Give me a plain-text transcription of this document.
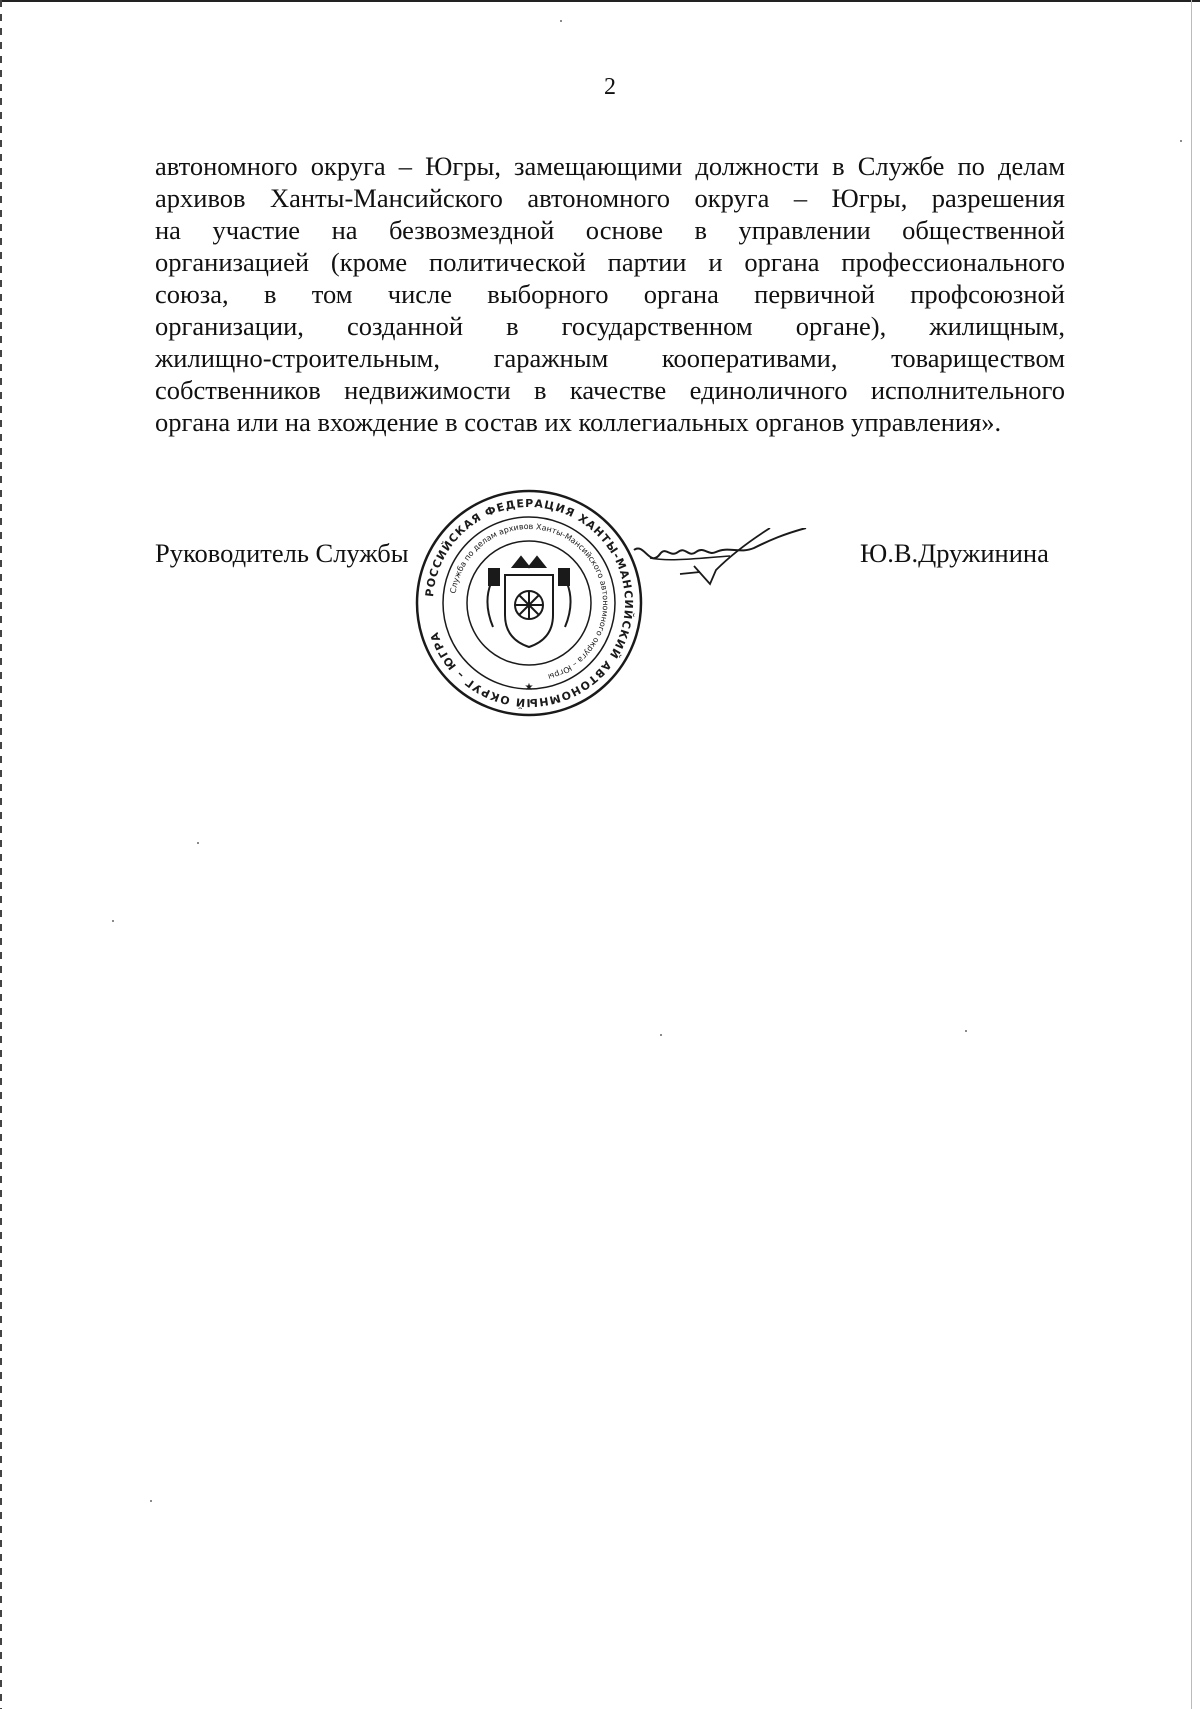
2
автономного округа – Югры, замещающими должности в Службе по делам
архивов Ханты-Мансийского автономного округа – Югры, разрешения
на участие на безвозмездной основе в управлении общественной
организацией (кроме политической партии и органа профессионального
союза, в том числе выборного органа первичной профсоюзной
организации, созданной в государственном органе), жилищным,
жилищно-строительным, гаражным кооперативами, товариществом
собственников недвижимости в качестве единоличного исполнительного
органа или на вхождение в состав их коллегиальных органов управления».
Руководитель Службы
РОССИЙСКАЯ ФЕДЕРАЦИЯ ХАНТЫ-МАНСИЙСКИЙ АВТОНОМНЫЙ ОКРУГ – ЮГРА
Служба по делам архивов Ханты-Мансийского автономного округа – Югры
★
Ю.В.Дружинина
